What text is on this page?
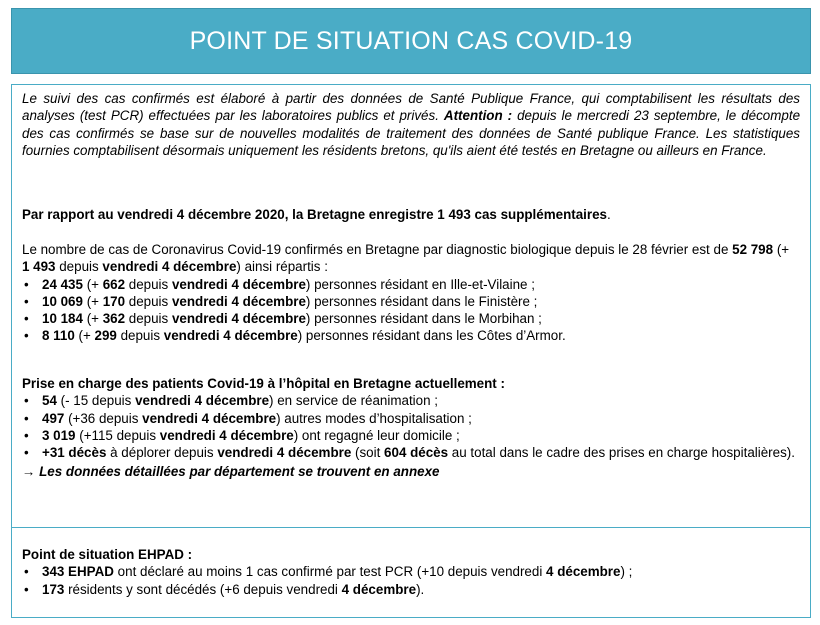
POINT DE SITUATION CAS COVID-19

Le suivi des cas confirmés est élaboré à partir des données de Santé Publique France, qui comptabilisent les résultats des analyses (test PCR) effectuées par les laboratoires publics et privés. Attention : depuis le mercredi 23 septembre, le décompte des cas confirmés se base sur de nouvelles modalités de traitement des données de Santé publique France. Les statistiques fournies comptabilisent désormais uniquement les résidents bretons, qu'ils aient été testés en Bretagne ou ailleurs en France.

Par rapport au vendredi 4 décembre 2020, la Bretagne enregistre 1 493 cas supplémentaires.

Le nombre de cas de Coronavirus Covid-19 confirmés en Bretagne par diagnostic biologique depuis le 28 février est de 52 798 (+ 1 493 depuis vendredi 4 décembre) ainsi répartis :

• 24 435 (+ 662 depuis vendredi 4 décembre) personnes résidant en Ille-et-Vilaine ;
• 10 069 (+ 170 depuis vendredi 4 décembre) personnes résidant dans le Finistère ;
• 10 184 (+ 362 depuis vendredi 4 décembre) personnes résidant dans le Morbihan ;
• 8 110 (+ 299 depuis vendredi 4 décembre) personnes résidant dans les Côtes d’Armor.

Prise en charge des patients Covid-19 à l’hôpital en Bretagne actuellement :

• 54 (- 15 depuis vendredi 4 décembre) en service de réanimation ;
• 497 (+36 depuis vendredi 4 décembre) autres modes d’hospitalisation ;
• 3 019 (+115 depuis vendredi 4 décembre) ont regagné leur domicile ;
• +31 décès à déplorer depuis vendredi 4 décembre (soit 604 décès au total dans le cadre des prises en charge hospitalières).

→ Les données détaillées par département se trouvent en annexe

Point de situation EHPAD :

• 343 EHPAD ont déclaré au moins 1 cas confirmé par test PCR (+10 depuis vendredi 4 décembre) ;
• 173 résidents y sont décédés (+6 depuis vendredi 4 décembre).
